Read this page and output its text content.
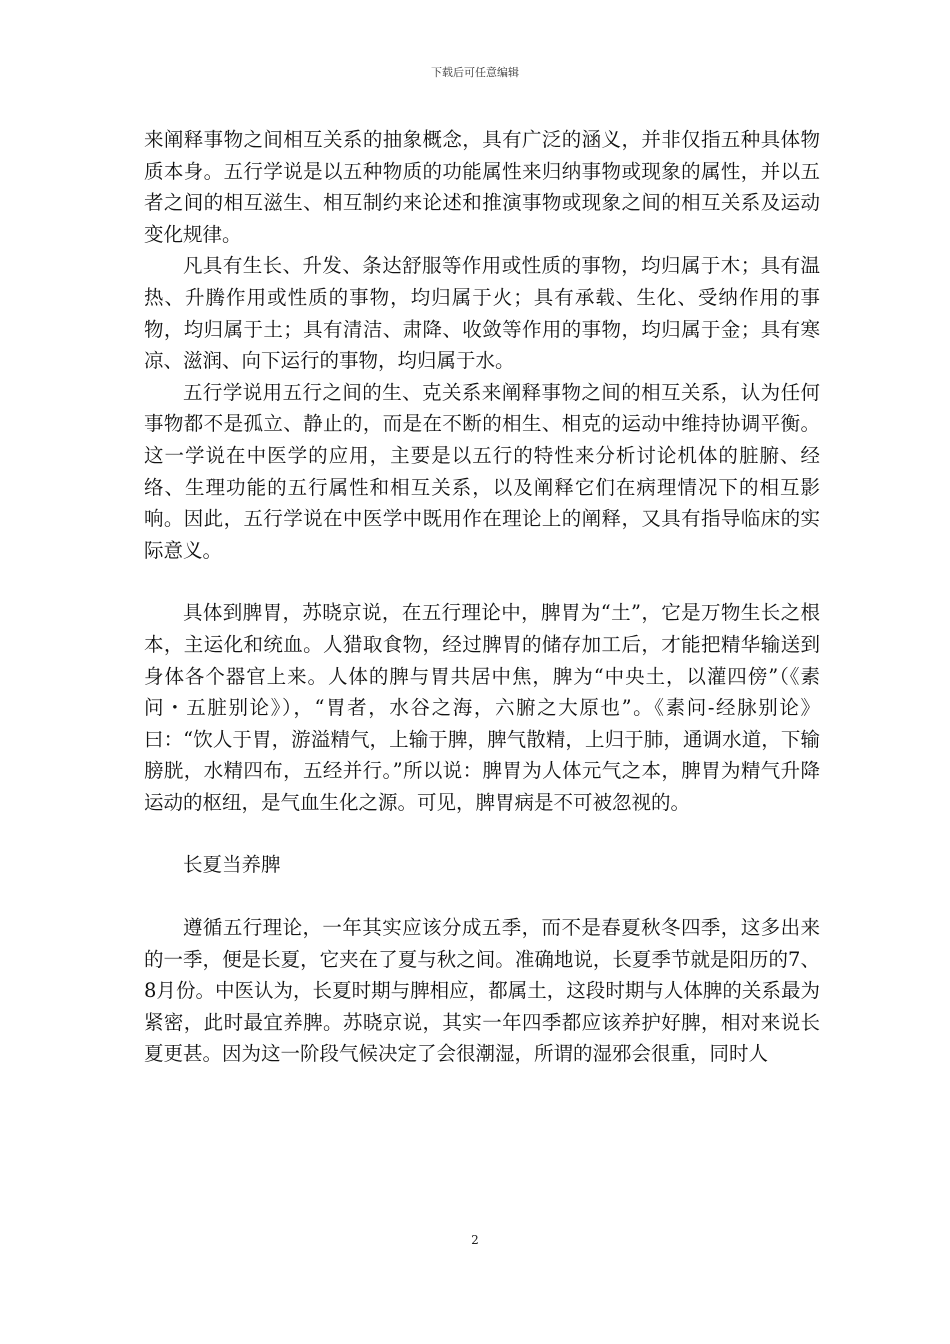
下载后可任意编辑

来阐释事物之间相互关系的抽象概念，具有广泛的涵义，并非仅指五种具体物质本身。五行学说是以五种物质的功能属性来归纳事物或现象的属性，并以五者之间的相互滋生、相互制约来论述和推演事物或现象之间的相互关系及运动变化规律。

凡具有生长、升发、条达舒服等作用或性质的事物，均归属于木；具有温热、升腾作用或性质的事物，均归属于火；具有承载、生化、受纳作用的事物，均归属于土；具有清洁、肃降、收敛等作用的事物，均归属于金；具有寒凉、滋润、向下运行的事物，均归属于水。

五行学说用五行之间的生、克关系来阐释事物之间的相互关系，认为任何事物都不是孤立、静止的，而是在不断的相生、相克的运动中维持协调平衡。这一学说在中医学的应用，主要是以五行的特性来分析讨论机体的脏腑、经络、生理功能的五行属性和相互关系，以及阐释它们在病理情况下的相互影响。因此，五行学说在中医学中既用作在理论上的阐释，又具有指导临床的实际意义。

具体到脾胃，苏晓京说，在五行理论中，脾胃为“土”，它是万物生长之根本，主运化和统血。人猎取食物，经过脾胃的储存加工后，才能把精华输送到身体各个器官上来。人体的脾与胃共居中焦，脾为“中央土，以灌四傍”（《素问・五脏别论》），“胃者，水谷之海，六腑之大原也”。《素问-经脉别论》曰：“饮人于胃，游溢精气，上输于脾，脾气散精，上归于肺，通调水道，下输膀胱，水精四布，五经并行。”所以说：脾胃为人体元气之本，脾胃为精气升降运动的枢纽，是气血生化之源。可见，脾胃病是不可被忽视的。

长夏当养脾

遵循五行理论，一年其实应该分成五季，而不是春夏秋冬四季，这多出来的一季，便是长夏，它夹在了夏与秋之间。准确地说，长夏季节就是阳历的7、8月份。中医认为，长夏时期与脾相应，都属土，这段时期与人体脾的关系最为紧密，此时最宜养脾。苏晓京说，其实一年四季都应该养护好脾，相对来说长夏更甚。因为这一阶段气候决定了会很潮湿，所谓的湿邪会很重，同时人

2
